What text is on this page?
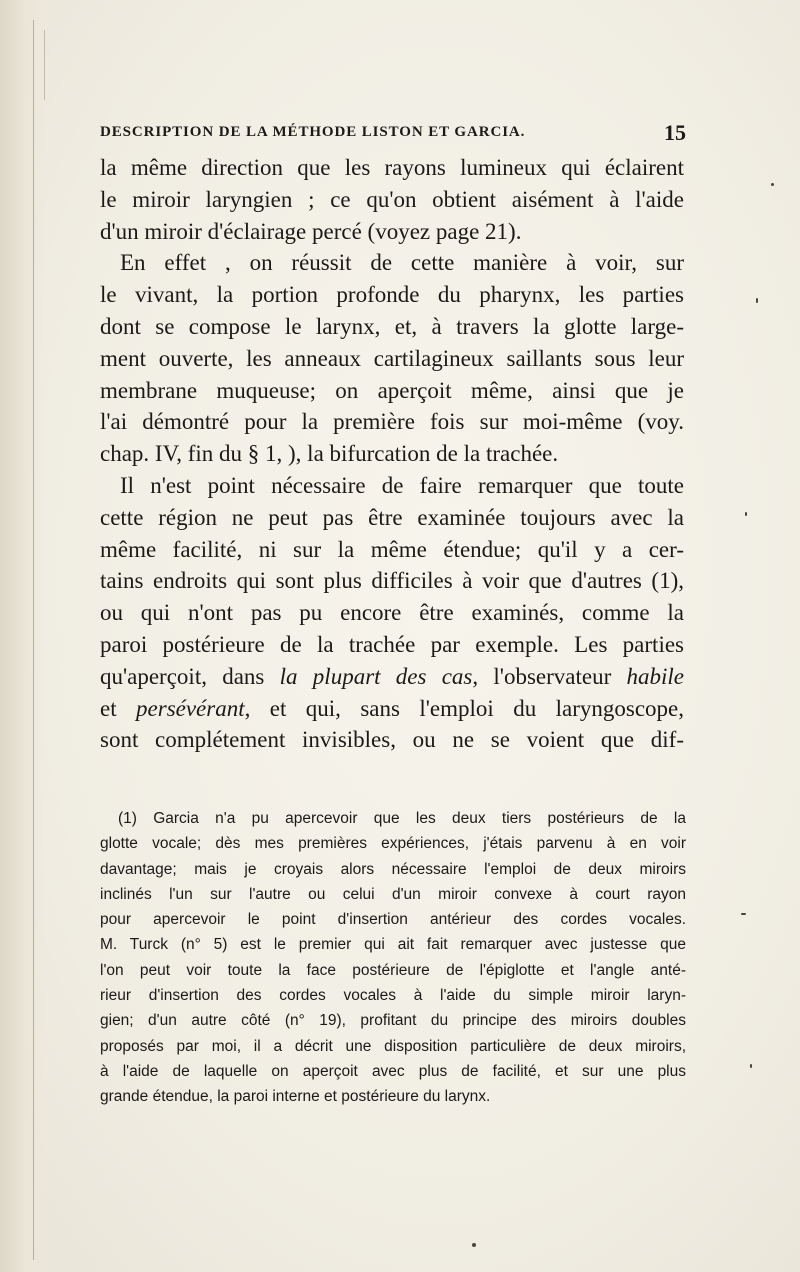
DESCRIPTION DE LA MÉTHODE LISTON ET GARCIA.	15
la même direction que les rayons lumineux qui éclairent
le miroir laryngien ; ce qu'on obtient aisément à l'aide
d'un miroir d'éclairage percé (voyez page 21).
En effet , on réussit de cette manière à voir, sur
le vivant, la portion profonde du pharynx, les parties
dont se compose le larynx, et, à travers la glotte large-
ment ouverte, les anneaux cartilagineux saillants sous leur
membrane muqueuse; on aperçoit même, ainsi que je
l'ai démontré pour la première fois sur moi-même (voy.
chap. IV, fin du § 1, ), la bifurcation de la trachée.
Il n'est point nécessaire de faire remarquer que toute
cette région ne peut pas être examinée toujours avec la
même facilité, ni sur la même étendue; qu'il y a cer-
tains endroits qui sont plus difficiles à voir que d'autres (1),
ou qui n'ont pas pu encore être examinés, comme la
paroi postérieure de la trachée par exemple. Les parties
qu'aperçoit, dans la plupart des cas, l'observateur habile
et persévérant, et qui, sans l'emploi du laryngoscope,
sont complétement invisibles, ou ne se voient que dif-
(1) Garcia n'a pu apercevoir que les deux tiers postérieurs de la
glotte vocale; dès mes premières expériences, j'étais parvenu à en voir
davantage; mais je croyais alors nécessaire l'emploi de deux miroirs
inclinés l'un sur l'autre ou celui d'un miroir convexe à court rayon
pour apercevoir le point d'insertion antérieur des cordes vocales.
M. Turck (n° 5) est le premier qui ait fait remarquer avec justesse que
l'on peut voir toute la face postérieure de l'épiglotte et l'angle anté-
rieur d'insertion des cordes vocales à l'aide du simple miroir laryn-
gien; d'un autre côté (n° 19), profitant du principe des miroirs doubles
proposés par moi, il a décrit une disposition particulière de deux miroirs,
à l'aide de laquelle on aperçoit avec plus de facilité, et sur une plus
grande étendue, la paroi interne et postérieure du larynx.
